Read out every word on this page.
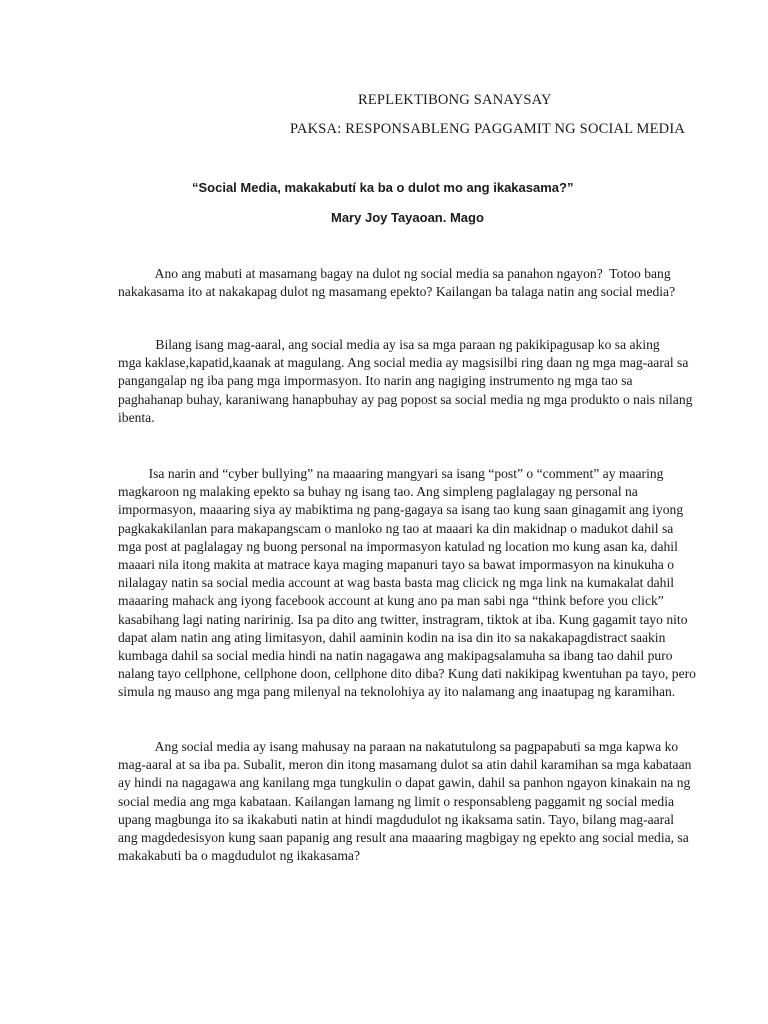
REPLEKTIBONG SANAYSAY
PAKSA: RESPONSABLENG PAGGAMIT NG SOCIAL MEDIA
“Social Media, makakabutí ka ba o dulot mo ang ikakasama?”
Mary Joy Tayaoan. Mago

Ano ang mabuti at masamang bagay na dulot ng social media sa panahon ngayon?  Totoo bang
nakakasama ito at nakakapag dulot ng masamang epekto? Kailangan ba talaga natin ang social media?

Bilang isang mag-aaral, ang social media ay isa sa mga paraan ng pakikipagusap ko sa aking
mga kaklase,kapatid,kaanak at magulang. Ang social media ay magsisilbi ring daan ng mga mag-aaral sa
pangangalap ng iba pang mga impormasyon. Ito narin ang nagiging instrumento ng mga tao sa
paghahanap buhay, karaniwang hanapbuhay ay pag popost sa social media ng mga produkto o nais nilang
ibenta.

Isa narin and “cyber bullying” na maaaring mangyari sa isang “post” o “comment” ay maaring
magkaroon ng malaking epekto sa buhay ng isang tao. Ang simpleng paglalagay ng personal na
impormasyon, maaaring siya ay mabiktima ng pang-gagaya sa isang tao kung saan ginagamit ang iyong
pagkakakilanlan para makapangscam o manloko ng tao at maaari ka din makidnap o madukot dahil sa
mga post at paglalagay ng buong personal na impormasyon katulad ng location mo kung asan ka, dahil
maaari nila itong makita at matrace kaya maging mapanuri tayo sa bawat impormasyon na kinukuha o
nilalagay natin sa social media account at wag basta basta mag clicick ng mga link na kumakalat dahil
maaaring mahack ang iyong facebook account at kung ano pa man sabi nga “think before you click”
kasabihang lagi nating naririnig. Isa pa dito ang twitter, instragram, tiktok at iba. Kung gagamit tayo nito
dapat alam natin ang ating limitasyon, dahil aaminin kodin na isa din ito sa nakakapagdistract saakin
kumbaga dahil sa social media hindi na natin nagagawa ang makipagsalamuha sa ibang tao dahil puro
nalang tayo cellphone, cellphone doon, cellphone dito diba? Kung dati nakikipag kwentuhan pa tayo, pero
simula ng mauso ang mga pang milenyal na teknolohiya ay ito nalamang ang inaatupag ng karamihan.

Ang social media ay isang mahusay na paraan na nakatutulong sa pagpapabuti sa mga kapwa ko
mag-aaral at sa iba pa. Subalit, meron din itong masamang dulot sa atin dahil karamihan sa mga kabataan
ay hindi na nagagawa ang kanilang mga tungkulin o dapat gawin, dahil sa panhon ngayon kinakain na ng
social media ang mga kabataan. Kailangan lamang ng limit o responsableng paggamit ng social media
upang magbunga ito sa ikakabuti natin at hindi magdudulot ng ikaksama satin. Tayo, bilang mag-aaral
ang magdedesisyon kung saan papanig ang result ana maaaring magbigay ng epekto ang social media, sa
makakabuti ba o magdudulot ng ikakasama?
